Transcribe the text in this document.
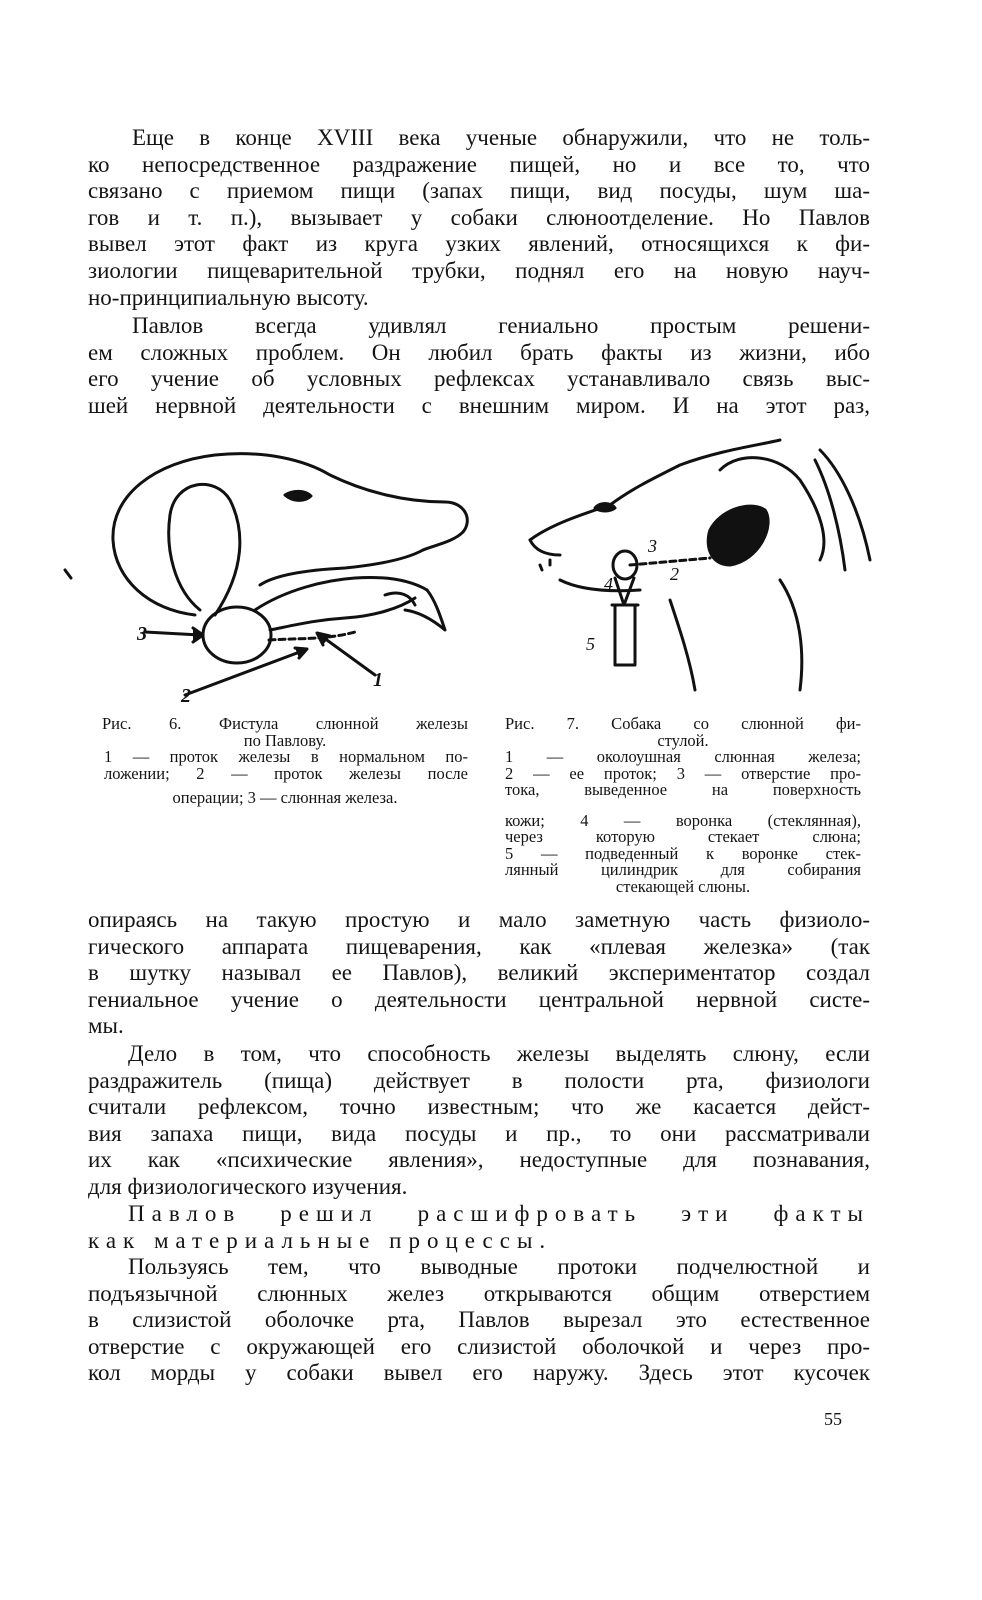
Еще в конце XVIII века ученые обнаружили, что не толь-
ко непосредственное раздражение пищей, но и все то, что
связано с приемом пищи (запах пищи, вид посуды, шум ша-
гов и т. п.), вызывает у собаки слюноотделение. Но Павлов
вывел этот факт из круга узких явлений, относящихся к фи-
зиологии пищеварительной трубки, поднял его на новую науч-
но-принципиальную высоту.
Павлов всегда удивлял гениально простым решени-
ем сложных проблем. Он любил брать факты из жизни, ибо
его учение об условных рефлексах устанавливало связь выс-
шей нервной деятельности с внешним миром. И на этот раз,
3
2
1
3
2
1
4
5
Рис. 6. Фистула слюнной железы
по Павлову.
1 — проток железы в нормальном по-
ложении; 2 — проток железы после
операции; 3 — слюнная железа.
Рис. 7. Собака со слюнной фи-
стулой.
1 — околоушная слюнная железа;
2 — ее проток; 3 — отверстие про-
тока, выведенное на поверхность
кожи; 4 — воронка (стеклянная),
через которую стекает слюна;
5 — подведенный к воронке стек-
лянный цилиндрик для собирания
стекающей слюны.
опираясь на такую простую и мало заметную часть физиоло-
гического аппарата пищеварения, как «плевая железка» (так
в шутку называл ее Павлов), великий экспериментатор создал
гениальное учение о деятельности центральной нервной систе-
мы.
Дело в том, что способность железы выделять слюну, если
раздражитель (пища) действует в полости рта, физиологи
считали рефлексом, точно известным; что же касается дейст-
вия запаха пищи, вида посуды и пр., то они рассматривали
их как «психические явления», недоступные для познавания,
для физиологического изучения.
Павлов решил расшифровать эти факты
как материальные процессы.
Пользуясь тем, что выводные протоки подчелюстной и
подъязычной слюнных желез открываются общим отверстием
в слизистой оболочке рта, Павлов вырезал это естественное
отверстие с окружающей его слизистой оболочкой и через про-
кол морды у собаки вывел его наружу. Здесь этот кусочек
55
